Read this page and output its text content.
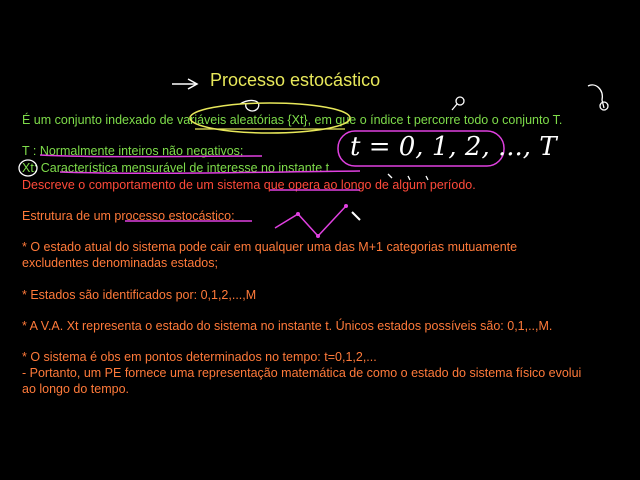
Processo estocástico
É um conjunto indexado de variáveis aleatórias {Xt}, em que o índice t percorre todo o conjunto T.
T : Normalmente inteiros não negativos;
Xt: Característica mensurável de interesse no instante t.
Descreve o comportamento de um sistema que opera ao longo de algum período.
Estrutura de um processo estocástico:
* O estado atual do sistema pode cair em qualquer uma das M+1 categorias mutuamente
excludentes denominadas estados;
* Estados são identificados por: 0,1,2,...,M
* A V.A. Xt representa o estado do sistema no instante t. Únicos estados possíveis são: 0,1,..,M.
* O sistema é obs em pontos determinados no tempo: t=0,1,2,...
- Portanto, um PE fornece uma representação matemática de como o estado do sistema físico evolui
ao longo do tempo.
t = 0, 1, 2, ..., T
